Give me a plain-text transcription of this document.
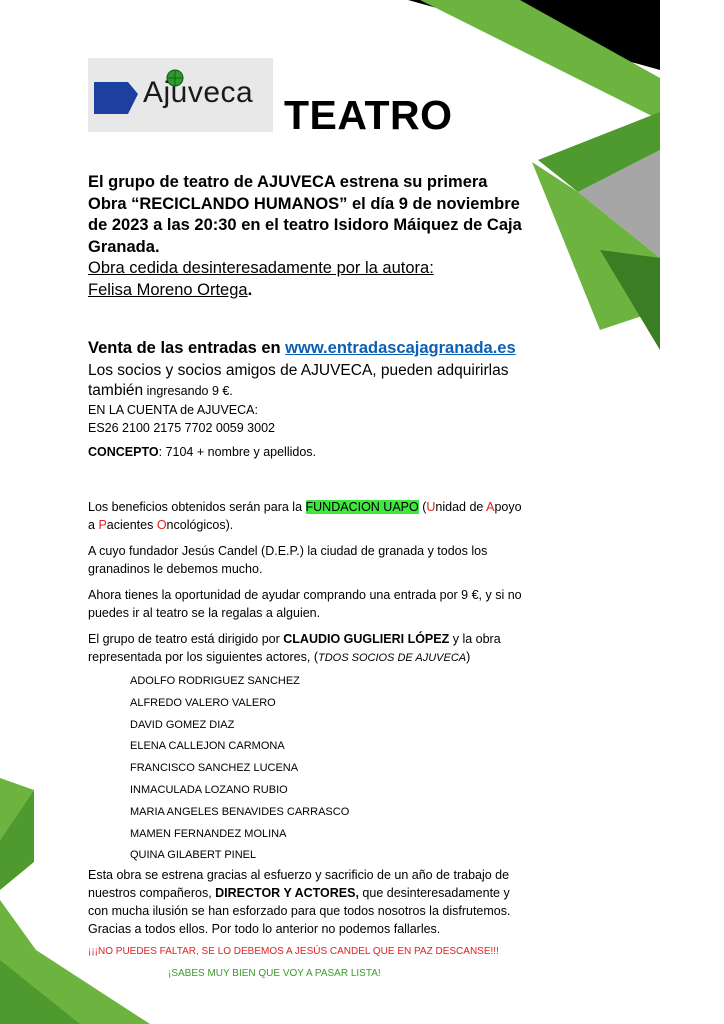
Ajuveca TEATRO

El grupo de teatro de AJUVECA estrena su primera

Obra “RECICLANDO HUMANOS” el día 9 de noviembre

de 2023 a las 20:30 en el teatro Isidoro Máiquez de Caja

Granada.

Obra cedida desinteresadamente por la autora:

Felisa Moreno Ortega.

Venta de las entradas en www.entradascajagranada.es
Los socios y socios amigos de AJUVECA, pueden adquirirlas
también ingresando 9 €.
EN LA CUENTA de AJUVECA:
ES26 2100 2175 7702 0059 3002
CONCEPTO: 7104 + nombre y apellidos.

Los beneficios obtenidos serán para la FUNDACION UAPO (Unidad de Apoyo
a Pacientes Oncológicos).

A cuyo fundador Jesús Candel (D.E.P.) la ciudad de granada y todos los
granadinos le debemos mucho.

Ahora tienes la oportunidad de ayudar comprando una entrada por 9 €, y si no
puedes ir al teatro se la regalas a alguien.

El grupo de teatro está dirigido por CLAUDIO GUGLIERI LÓPEZ y la obra
representada por los siguientes actores, (TDOS SOCIOS DE AJUVECA)

ADOLFO RODRIGUEZ SANCHEZ
ALFREDO VALERO VALERO
DAVID GOMEZ DIAZ
ELENA CALLEJON CARMONA
FRANCISCO SANCHEZ LUCENA
INMACULADA LOZANO RUBIO
MARIA ANGELES BENAVIDES CARRASCO
MAMEN FERNANDEZ MOLINA
QUINA GILABERT PINEL
Esta obra se estrena gracias al esfuerzo y sacrificio de un año de trabajo de
nuestros compañeros, DIRECTOR Y ACTORES, que desinteresadamente y
con mucha ilusión se han esforzado para que todos nosotros la disfrutemos.
Gracias a todos ellos. Por todo lo anterior no podemos fallarles.
¡¡¡NO PUEDES FALTAR, SE LO DEBEMOS A JESÚS CANDEL QUE EN PAZ DESCANSE!!!
¡SABES MUY BIEN QUE VOY A PASAR LISTA!
